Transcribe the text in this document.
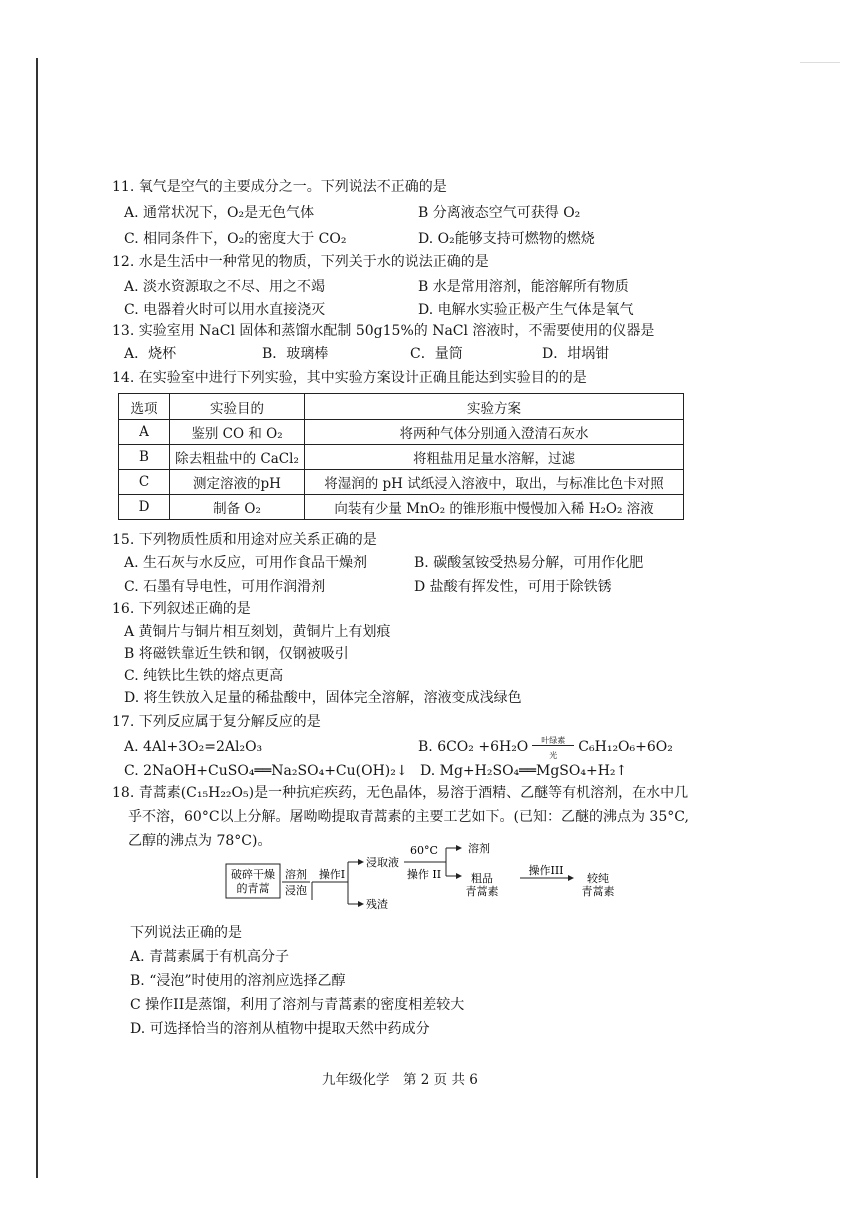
11. 氧气是空气的主要成分之一。下列说法不正确的是
A. 通常状况下，O₂是无色气体	B 分离液态空气可获得 O₂
C. 相同条件下，O₂的密度大于 CO₂	D. O₂能够支持可燃物的燃烧
12. 水是生活中一种常见的物质，下列关于水的说法正确的是
A. 淡水资源取之不尽、用之不竭	B 水是常用溶剂，能溶解所有物质
C. 电器着火时可以用水直接浇灭	D. 电解水实验正极产生气体是氧气
13. 实验室用 NaCl 固体和蒸馏水配制 50g15%的 NaCl 溶液时，不需要使用的仪器是
A．烧杯	B．玻璃棒	C．量筒	D．坩埚钳
14. 在实验室中进行下列实验，其中实验方案设计正确且能达到实验目的的是
选项	实验目的	实验方案
A	鉴别 CO 和 O₂	将两种气体分别通入澄清石灰水
B	除去粗盐中的 CaCl₂	将粗盐用足量水溶解，过滤
C	测定溶液的pH	将湿润的 pH 试纸浸入溶液中，取出，与标准比色卡对照
D	制备 O₂	向装有少量 MnO₂ 的锥形瓶中慢慢加入稀 H₂O₂ 溶液
15. 下列物质性质和用途对应关系正确的是
A. 生石灰与水反应，可用作食品干燥剂	B. 碳酸氢铵受热易分解，可用作化肥
C. 石墨有导电性，可用作润滑剂	D 盐酸有挥发性，可用于除铁锈
16. 下列叙述正确的是
A 黄铜片与铜片相互刻划，黄铜片上有划痕
B 将磁铁靠近生铁和钢，仅钢被吸引
C. 纯铁比生铁的熔点更高
D. 将生铁放入足量的稀盐酸中，固体完全溶解，溶液变成浅绿色
17. 下列反应属于复分解反应的是
A. 4Al+3O₂=2Al₂O₃	B. 6CO₂ +6H₂O	叶绿素
光
C₆H₁₂O₆+6O₂
C. 2NaOH+CuSO₄══Na₂SO₄+Cu(OH)₂↓ D. Mg+H₂SO₄══MgSO₄+H₂↑
18. 青蒿素(C₁₅H₂₂O₅)是一种抗疟疾药，无色晶体，易溶于酒精、乙醚等有机溶剂，在水中几
乎不溶，60°C以上分解。屠呦呦提取青蒿素的主要工艺如下。(已知：乙醚的沸点为 35°C,
乙醇的沸点为 78°C)。
破碎干燥
的青蒿
溶剂
浸泡
操作I
浸取液
残渣
60°C
操作 II
溶剂
粗品
青蒿素
操作III
较纯
青蒿素
下列说法正确的是
A. 青蒿素属于有机高分子
B. “浸泡”时使用的溶剂应选择乙醇
C 操作II是蒸馏，利用了溶剂与青蒿素的密度相差较大
D. 可选择恰当的溶剂从植物中提取天然中药成分
九年级化学　第 2 页 共 6
